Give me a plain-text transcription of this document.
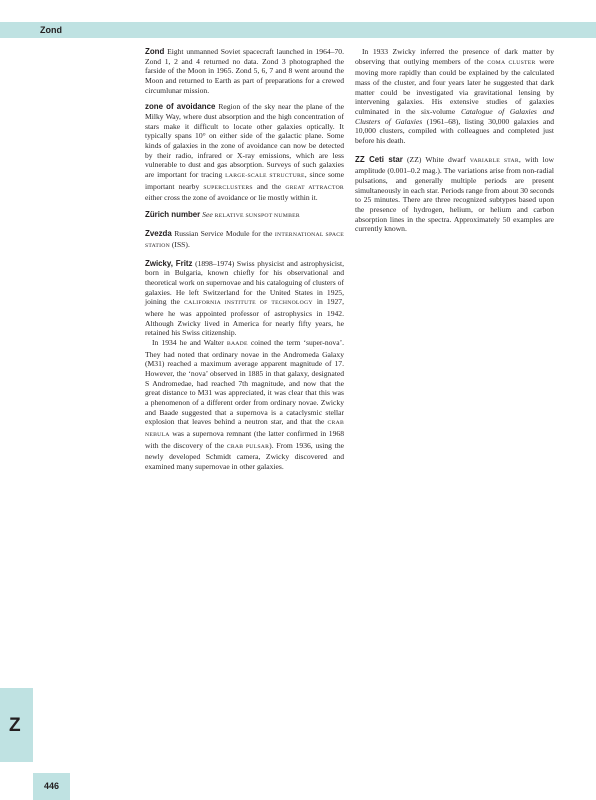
Zond

Zond Eight unmanned Soviet spacecraft launched in 1964–70. Zond 1, 2 and 4 returned no data. Zond 3 photographed the farside of the Moon in 1965. Zond 5, 6, 7 and 8 went around the Moon and returned to Earth as part of preparations for a crewed circumlunar mission.

zone of avoidance Region of the sky near the plane of the Milky Way, where dust absorption and the high concentration of stars make it difficult to locate other galaxies optically. It typically spans 10° on either side of the galactic plane. Some kinds of galaxies in the zone of avoidance can now be detected by their radio, infrared or X-ray emissions, which are less vulnerable to dust and gas absorption. Surveys of such galaxies are important for tracing LARGE-SCALE STRUCTURE, since some important nearby SUPERCLUSTERS and the GREAT ATTRACTOR either cross the zone of avoidance or lie mostly within it.

Zürich number See RELATIVE SUNSPOT NUMBER

Zvezda Russian Service Module for the INTERNATIONAL SPACE STATION (ISS).

Zwicky, Fritz (1898–1974) Swiss physicist and astrophysicist, born in Bulgaria, known chiefly for his observational and theoretical work on supernovae and his cataloguing of clusters of galaxies. He left Switzerland for the United States in 1925, joining the CALIFORNIA INSTITUTE OF TECHNOLOGY in 1927, where he was appointed professor of astrophysics in 1942. Although Zwicky lived in America for nearly fifty years, he retained his Swiss citizenship.

In 1934 he and Walter BAADE coined the term ‘super-nova’. They had noted that ordinary novae in the Andromeda Galaxy (M31) reached a maximum average apparent magnitude of 17. However, the ‘nova’ observed in 1885 in that galaxy, designated S Andromedae, had reached 7th magnitude, and now that the great distance to M31 was appreciated, it was clear that this was a phenomenon of a different order from ordinary novae. Zwicky and Baade suggested that a supernova is a cataclysmic stellar explosion that leaves behind a neutron star, and that the CRAB NEBULA was a supernova remnant (the latter confirmed in 1968 with the discovery of the CRAB PULSAR). From 1936, using the newly developed Schmidt camera, Zwicky discovered and examined many supernovae in other galaxies.

In 1933 Zwicky inferred the presence of dark matter by observing that outlying members of the COMA CLUSTER were moving more rapidly than could be explained by the calculated mass of the cluster, and four years later he suggested that dark matter could be investigated via gravitational lensing by intervening galaxies. His extensive studies of galaxies culminated in the six-volume Catalogue of Galaxies and Clusters of Galaxies (1961–68), listing 30,000 galaxies and 10,000 clusters, compiled with colleagues and completed just before his death.

ZZ Ceti star (ZZ) White dwarf VARIABLE STAR, with low amplitude (0.001–0.2 mag.). The variations arise from non-radial pulsations, and generally multiple periods are present simultaneously in each star. Periods range from about 30 seconds to 25 minutes. There are three recognized subtypes based upon the presence of hydrogen, helium, or helium and carbon absorption lines in the spectra. Approximately 50 examples are currently known.

Z
446
